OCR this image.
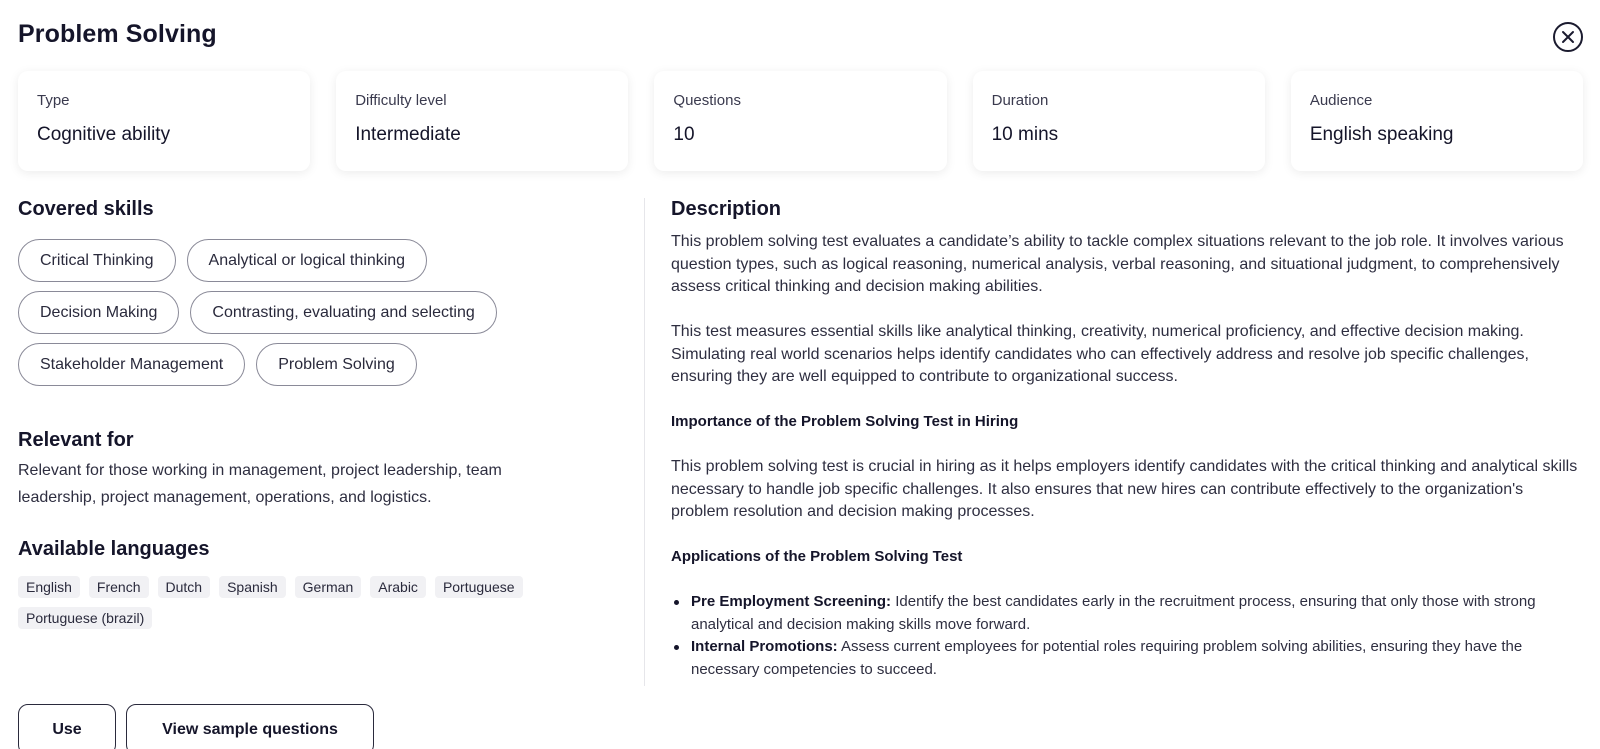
Problem Solving
Type
Cognitive ability
Difficulty level
Intermediate
Questions
10
Duration
10 mins
Audience
English speaking
Covered skills
Critical Thinking	Analytical or logical thinking
Decision Making	Contrasting, evaluating and selecting
Stakeholder Management	Problem Solving
Relevant for
Relevant for those working in management, project leadership, team leadership, project management, operations, and logistics.
Available languages
English	French	Dutch	Spanish	German	Arabic	Portuguese
Portuguese (brazil)
Description

This problem solving test evaluates a candidate’s ability to tackle complex situations relevant to the job role. It involves various question types, such as logical reasoning, numerical analysis, verbal reasoning, and situational judgment, to comprehensively assess critical thinking and decision making abilities.

This test measures essential skills like analytical thinking, creativity, numerical proficiency, and effective decision making. Simulating real world scenarios helps identify candidates who can effectively address and resolve job specific challenges, ensuring they are well equipped to contribute to organizational success.

Importance of the Problem Solving Test in Hiring

This problem solving test is crucial in hiring as it helps employers identify candidates with the critical thinking and analytical skills necessary to handle job specific challenges. It also ensures that new hires can contribute effectively to the organization's problem resolution and decision making processes.

Applications of the Problem Solving Test

Pre Employment Screening: Identify the best candidates early in the recruitment process, ensuring that only those with strong analytical and decision making skills move forward.
Internal Promotions: Assess current employees for potential roles requiring problem solving abilities, ensuring they have the necessary competencies to succeed.
Use	View sample questions
